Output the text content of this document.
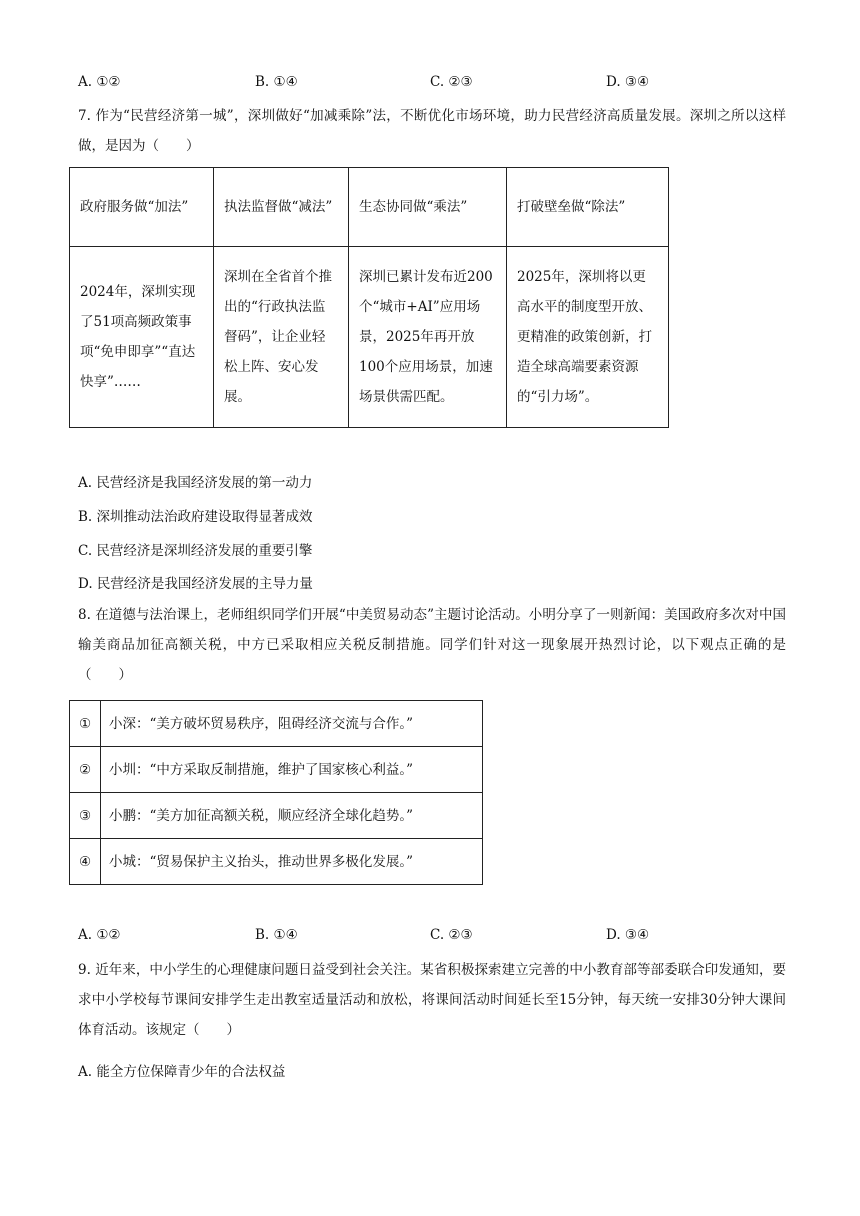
A. ①②	B. ①④	C. ②③	D. ③④
7. 作为“民营经济第一城”，深圳做好“加减乘除”法，不断优化市场环境，助力民营经济高质量发展。深圳之所以这样做，是因为（　　）
政府服务做“加法”	执法监督做“减法”	生态协同做“乘法”	打破壁垒做“除法”
2024年，深圳实现了51项高频政策事项“免申即享”“直达快享”……	深圳在全省首个推出的“行政执法监督码”，让企业轻松上阵、安心发展。	深圳已累计发布近200个“城市+AI”应用场景，2025年再开放100个应用场景，加速场景供需匹配。	2025年，深圳将以更高水平的制度型开放、更精准的政策创新，打造全球高端要素资源的“引力场”。
A. 民营经济是我国经济发展的第一动力
B. 深圳推动法治政府建设取得显著成效
C. 民营经济是深圳经济发展的重要引擎
D. 民营经济是我国经济发展的主导力量
8. 在道德与法治课上，老师组织同学们开展“中美贸易动态”主题讨论活动。小明分享了一则新闻：美国政府多次对中国输美商品加征高额关税，中方已采取相应关税反制措施。同学们针对这一现象展开热烈讨论，以下观点正确的是（　　）
①	小深：“美方破坏贸易秩序，阻碍经济交流与合作。”
②	小圳：“中方采取反制措施，维护了国家核心利益。”
③	小鹏：“美方加征高额关税，顺应经济全球化趋势。”
④	小城：“贸易保护主义抬头，推动世界多极化发展。”
A. ①②	B. ①④	C. ②③	D. ③④
9. 近年来，中小学生的心理健康问题日益受到社会关注。某省积极探索建立完善的中小教育部等部委联合印发通知，要求中小学校每节课间安排学生走出教室适量活动和放松，将课间活动时间延长至15分钟，每天统一安排30分钟大课间体育活动。该规定（　　）
A. 能全方位保障青少年的合法权益
